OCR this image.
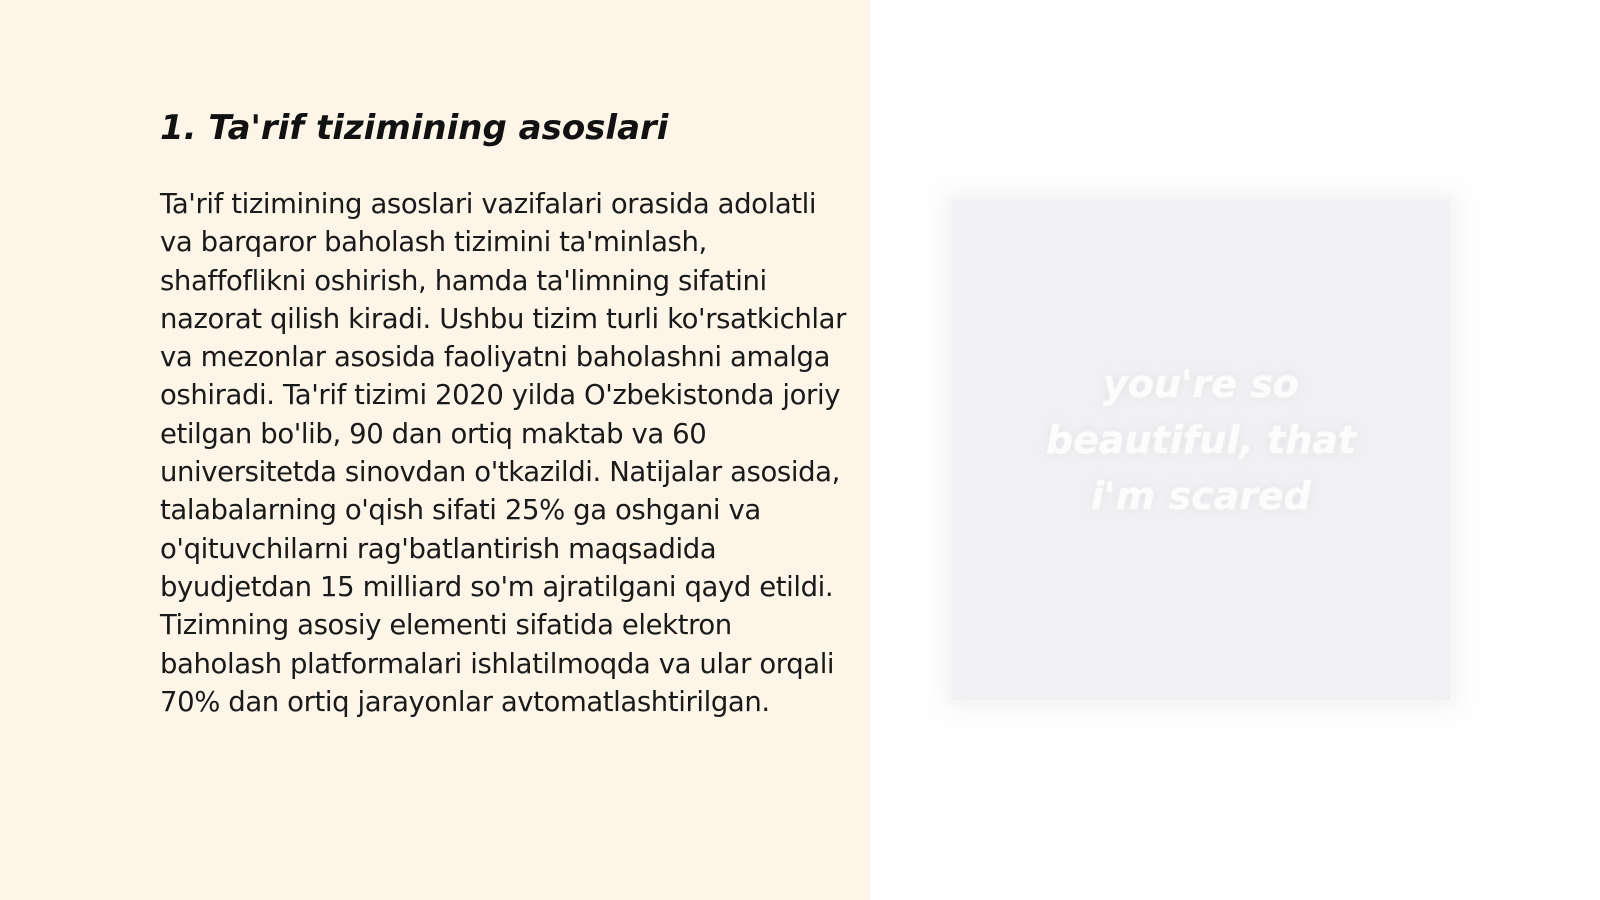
1. Ta'rif tizimining asoslari

Ta'rif tizimining asoslari vazifalari orasida adolatli va barqaror baholash tizimini ta'minlash, shaffoflikni oshirish, hamda ta'limning sifatini nazorat qilish kiradi. Ushbu tizim turli ko'rsatkichlar va mezonlar asosida faoliyatni baholashni amalga oshiradi. Ta'rif tizimi 2020 yilda O'zbekistonda joriy etilgan bo'lib, 90 dan ortiq maktab va 60 universitetda sinovdan o'tkazildi. Natijalar asosida, talabalarning o'qish sifati 25% ga oshgani va o'qituvchilarni rag'batlantirish maqsadida byudjetdan 15 milliard so'm ajratilgani qayd etildi. Tizimning asosiy elementi sifatida elektron baholash platformalari ishlatilmoqda va ular orqali 70% dan ortiq jarayonlar avtomatlashtirilgan.

you're so beautiful, that i'm scared
